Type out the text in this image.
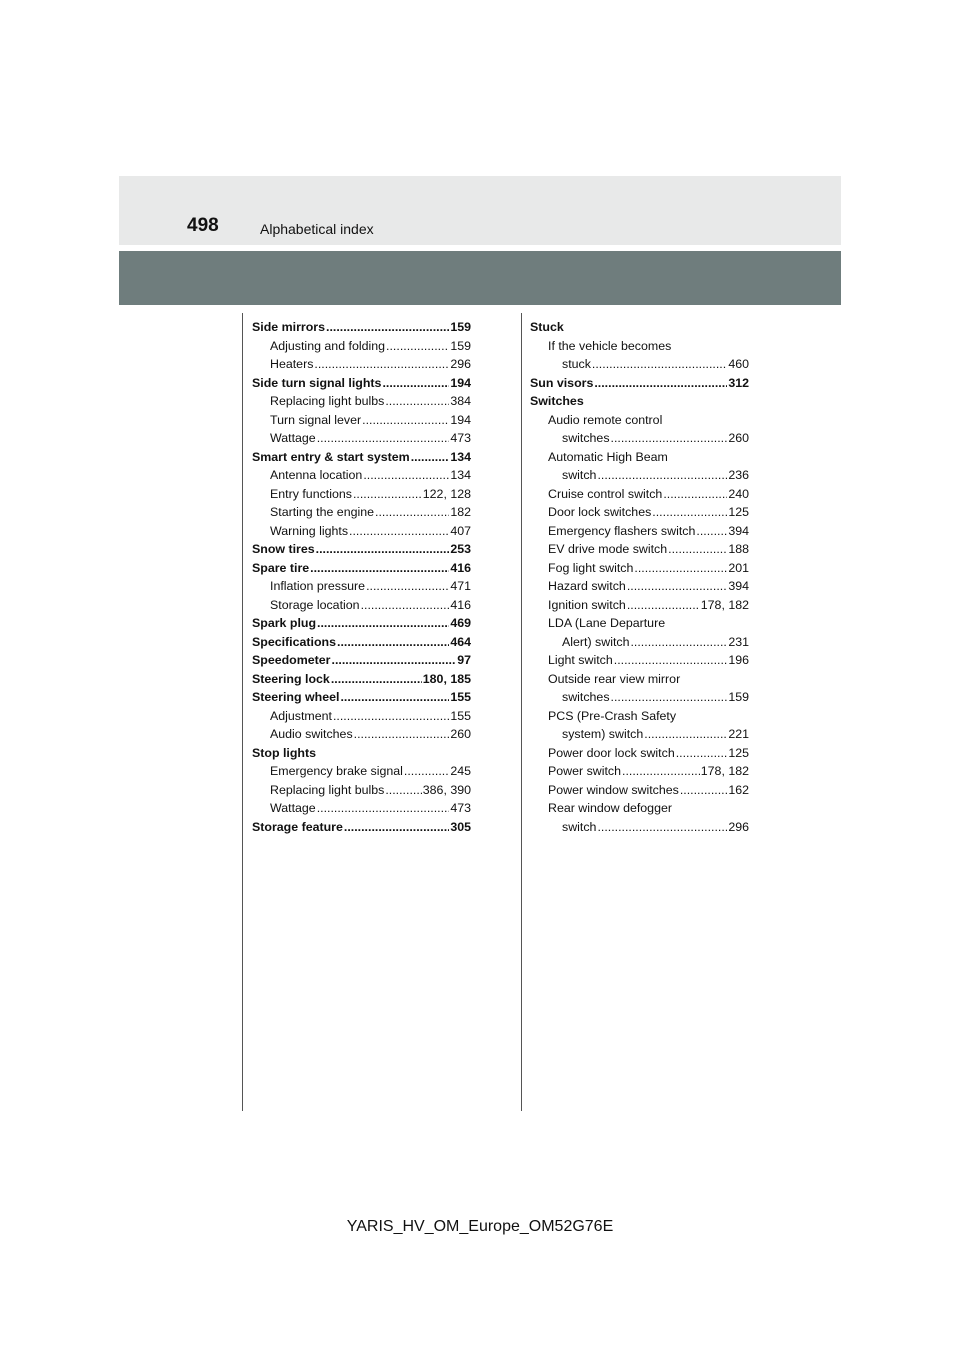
498	Alphabetical index
Side mirrors .....	159
Adjusting and folding .....	159
Heaters .....	296
Side turn signal lights .....	194
Replacing light bulbs .....	384
Turn signal lever .....	194
Wattage .....	473
Smart entry & start system .....	134
Antenna location .....	134
Entry functions .....	122, 128
Starting the engine .....	182
Warning lights .....	407
Snow tires .....	253
Spare tire .....	416
Inflation pressure .....	471
Storage location .....	416
Spark plug .....	469
Specifications .....	464
Speedometer .....	97
Steering lock .....	180, 185
Steering wheel .....	155
Adjustment .....	155
Audio switches .....	260
Stop lights
Emergency brake signal .....	245
Replacing light bulbs .....	386, 390
Wattage .....	473
Storage feature .....	305
Stuck
If the vehicle becomes
stuck .....	460
Sun visors .....	312
Switches
Audio remote control
switches .....	260
Automatic High Beam
switch .....	236
Cruise control switch .....	240
Door lock switches .....	125
Emergency flashers switch .....	394
EV drive mode switch .....	188
Fog light switch .....	201
Hazard switch .....	394
Ignition switch .....	178, 182
LDA (Lane Departure
Alert) switch .....	231
Light switch .....	196
Outside rear view mirror
switches .....	159
PCS (Pre-Crash Safety
system) switch .....	221
Power door lock switch .....	125
Power switch .....	178, 182
Power window switches .....	162
Rear window defogger
switch .....	296
YARIS_HV_OM_Europe_OM52G76E
